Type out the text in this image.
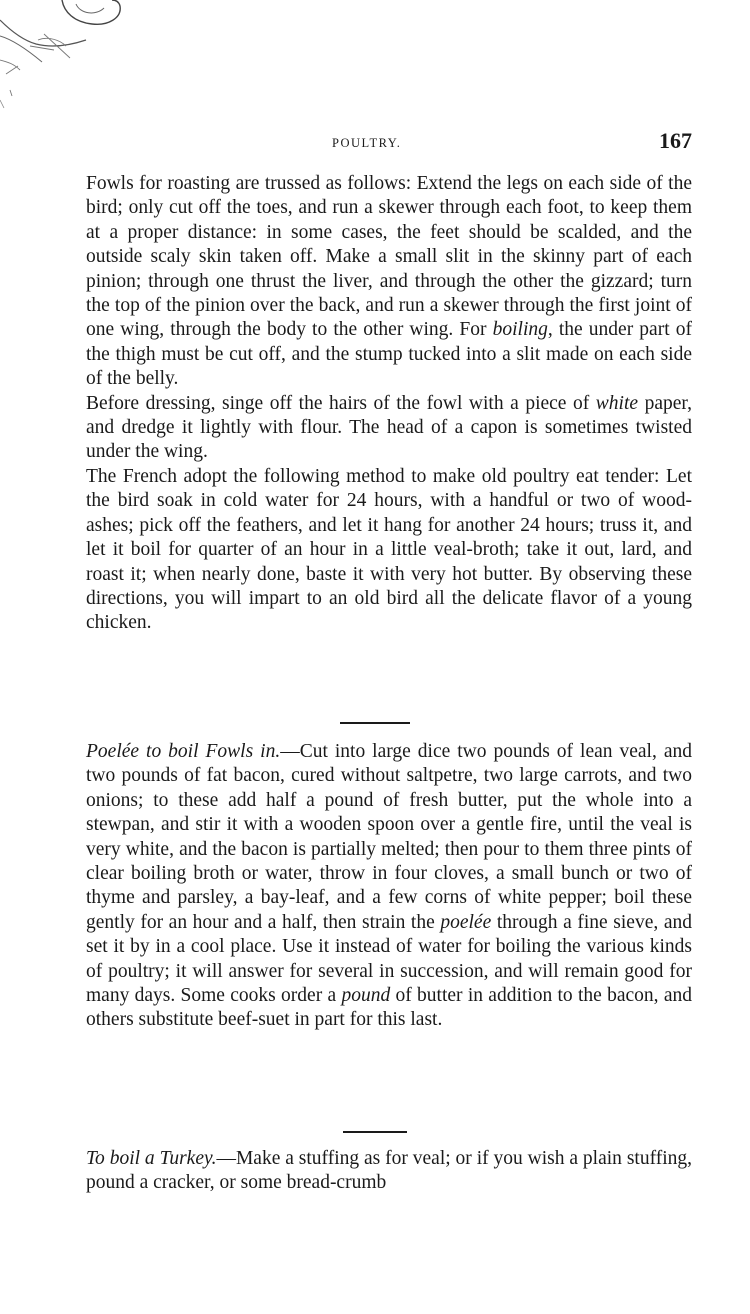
POULTRY.	167

Fowls for roasting are trussed as follows: Extend the legs on each side of the bird; only cut off the toes, and run a skewer through each foot, to keep them at a proper distance: in some cases, the feet should be scalded, and the outside scaly skin taken off. Make a small slit in the skinny part of each pinion; through one thrust the liver, and through the other the gizzard; turn the top of the pinion over the back, and run a skewer through the first joint of one wing, through the body to the other wing. For boiling, the under part of the thigh must be cut off, and the stump tucked into a slit made on each side of the belly.

Before dressing, singe off the hairs of the fowl with a piece of white paper, and dredge it lightly with flour. The head of a capon is sometimes twisted under the wing.

The French adopt the following method to make old poultry eat tender: Let the bird soak in cold water for 24 hours, with a handful or two of wood-ashes; pick off the feathers, and let it hang for another 24 hours; truss it, and let it boil for quarter of an hour in a little veal-broth; take it out, lard, and roast it; when nearly done, baste it with very hot butter. By observing these directions, you will impart to an old bird all the delicate flavor of a young chicken.

Poelée to boil Fowls in.—Cut into large dice two pounds of lean veal, and two pounds of fat bacon, cured without saltpetre, two large carrots, and two onions; to these add half a pound of fresh butter, put the whole into a stewpan, and stir it with a wooden spoon over a gentle fire, until the veal is very white, and the bacon is partially melted; then pour to them three pints of clear boiling broth or water, throw in four cloves, a small bunch or two of thyme and parsley, a bay-leaf, and a few corns of white pepper; boil these gently for an hour and a half, then strain the poelée through a fine sieve, and set it by in a cool place. Use it instead of water for boiling the various kinds of poultry; it will answer for several in succession, and will remain good for many days. Some cooks order a pound of butter in addition to the bacon, and others substitute beef-suet in part for this last.

To boil a Turkey.—Make a stuffing as for veal; or if you wish a plain stuffing, pound a cracker, or some bread-crumb
